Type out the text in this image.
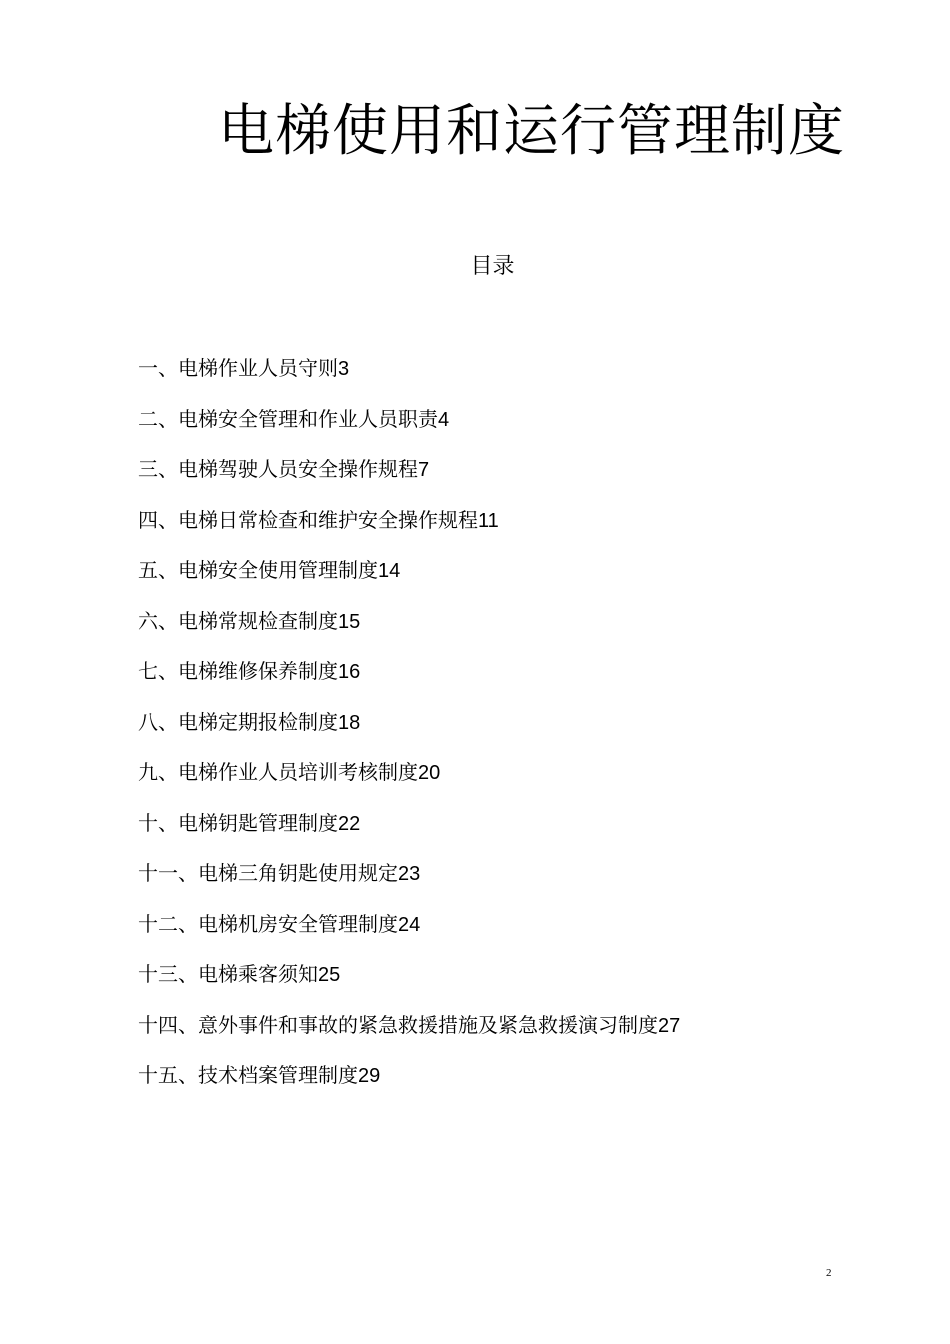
电梯使用和运行管理制度
目录
一、电梯作业人员守则3
二、电梯安全管理和作业人员职责4
三、电梯驾驶人员安全操作规程7
四、电梯日常检查和维护安全操作规程11
五、电梯安全使用管理制度14
六、电梯常规检查制度15
七、电梯维修保养制度16
八、电梯定期报检制度18
九、电梯作业人员培训考核制度20
十、电梯钥匙管理制度22
十一、电梯三角钥匙使用规定23
十二、电梯机房安全管理制度24
十三、电梯乘客须知25
十四、意外事件和事故的紧急救援措施及紧急救援演习制度27
十五、技术档案管理制度29
2
